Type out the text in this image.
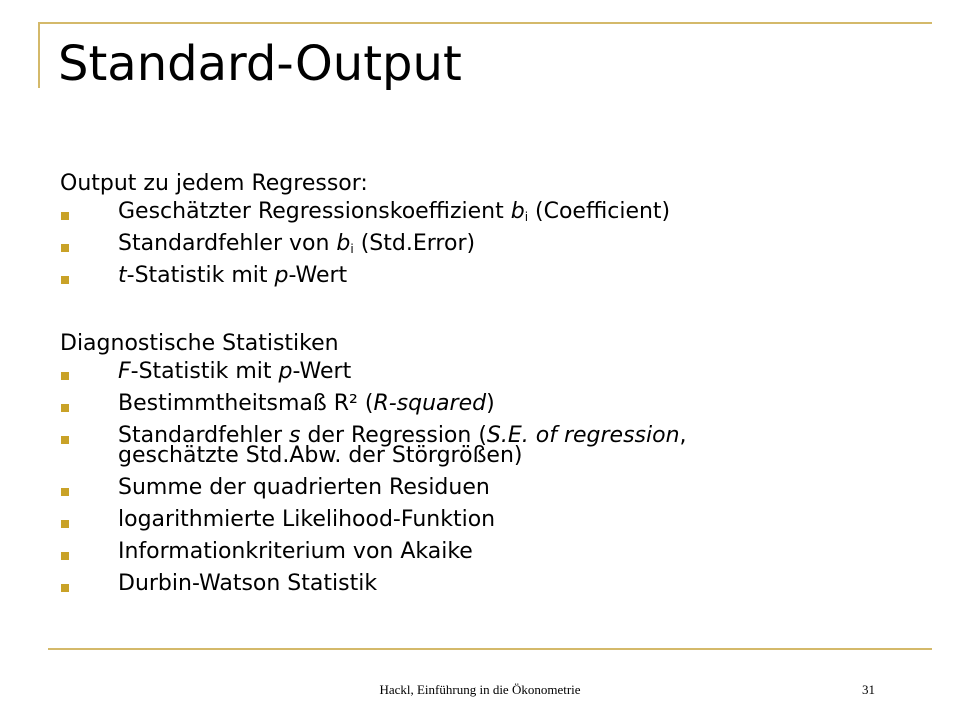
Standard-Output

Output zu jedem Regressor:

Geschätzter Regressionskoeffizient $b_i$ (Coefficient)
Standardfehler von $b_i$ (Std.Error)
t-Statistik mit p-Wert

Diagnostische Statistiken

F-Statistik mit p-Wert
Bestimmtheitsmaß R² (R-squared)
Standardfehler s der Regression (S.E. of regression,
geschätzte Std.Abw. der Störgrößen)
Summe der quadrierten Residuen
logarithmierte Likelihood-Funktion
Informationkriterium von Akaike
Durbin-Watson Statistik
Hackl, Einführung in die Ökonometrie	31
